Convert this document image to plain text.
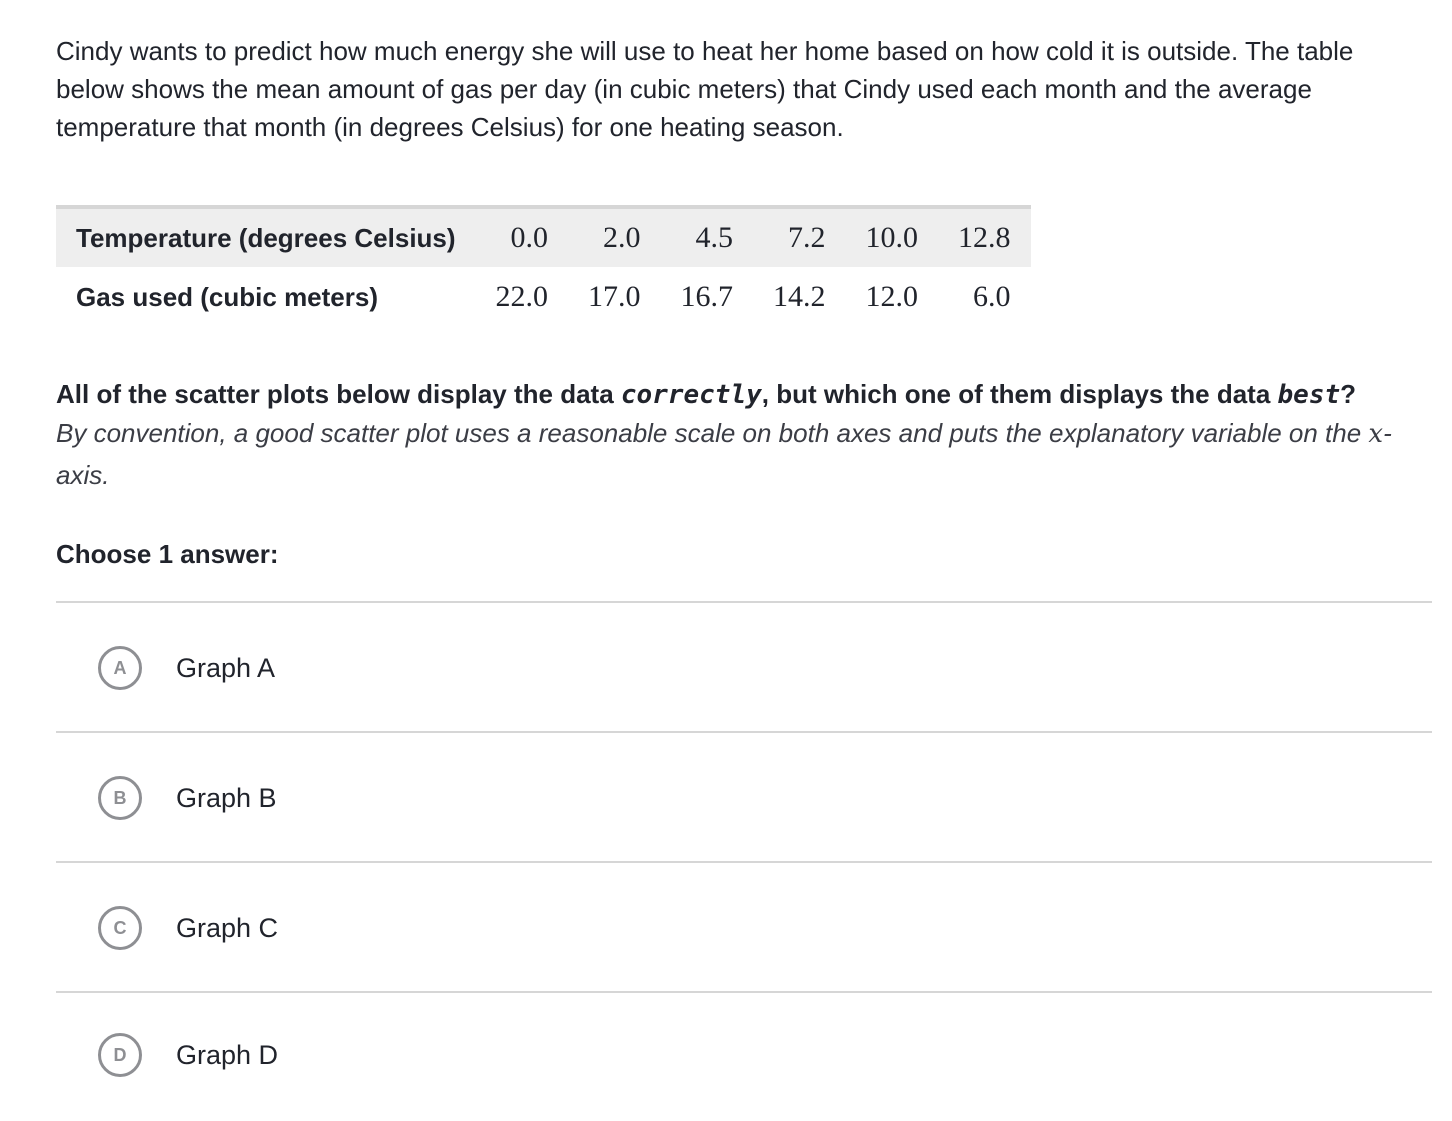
Cindy wants to predict how much energy she will use to heat her home based on how cold it is outside. The table below shows the mean amount of gas per day (in cubic meters) that Cindy used each month and the average temperature that month (in degrees Celsius) for one heating season.

Temperature (degrees Celsius)	0.0	2.0	4.5	7.2	10.0	12.8
Gas used (cubic meters)	22.0	17.0	16.7	14.2	12.0	6.0

All of the scatter plots below display the data correctly, but which one of them displays the data best?

By convention, a good scatter plot uses a reasonable scale on both axes and puts the explanatory variable on the x-axis.

Choose 1 answer:

A	Graph A
B	Graph B
C	Graph C
D	Graph D
